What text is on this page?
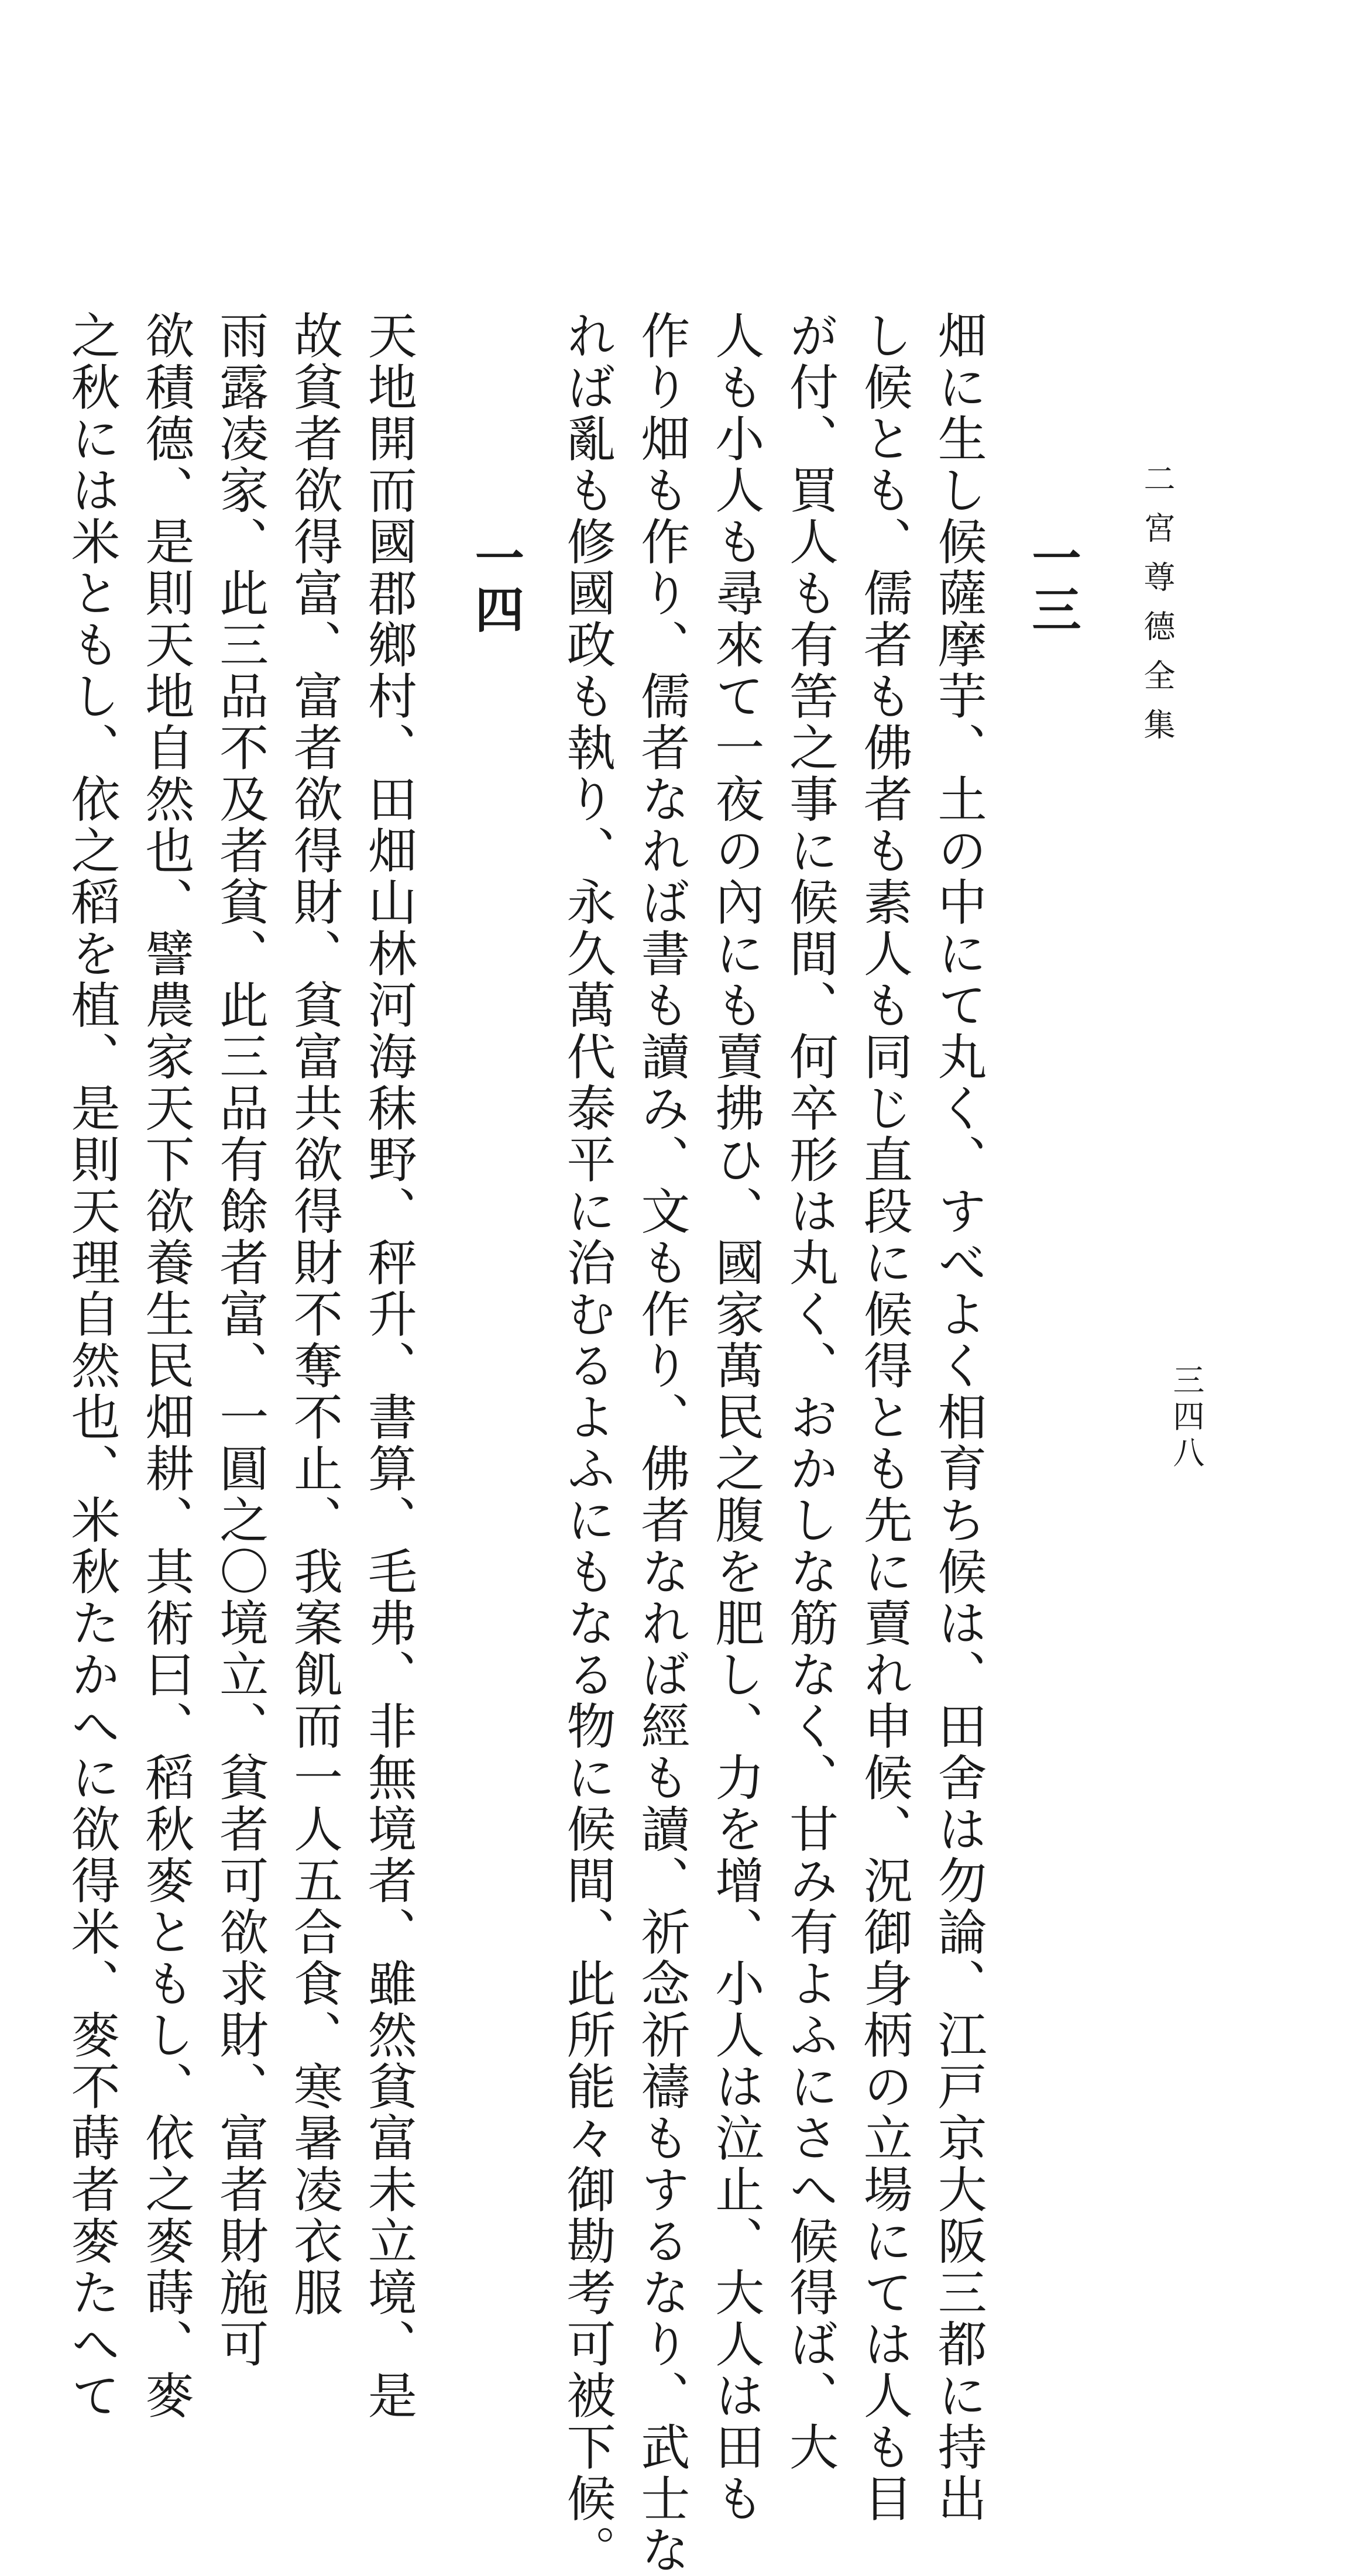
二宮尊德全集
三四八
一三
畑に生し候薩摩芋、土の中にて丸く、すべよく相育ち候は、田舍は勿論、江戸京大阪三都に持出
し候とも、儒者も佛者も素人も同じ直段に候得とも先に賣れ申候、況御身柄の立場にては人も目
が付、買人も有筈之事に候間、何卒形は丸く、おかしな筋なく、甘み有よふにさへ候得ば、大
人も小人も尋來て一夜の內にも賣拂ひ、國家萬民之腹を肥し、力を增、小人は泣止、大人は田も
作り畑も作り、儒者なれば書も讀み、文も作り、佛者なれば經も讀、祈念祈禱もするなり、武士な
れば亂も修國政も執り、永久萬代泰平に治むるよふにもなる物に候間、此所能々御勘考可被下候。
一四
天地開而國郡鄉村、田畑山林河海秣野、秤升、書算、毛弗、非無境者、雖然貧富未立境、是
故貧者欲得富、富者欲得財、貧富共欲得財不奪不止、我案飢而一人五合食、寒暑凌衣服
雨露凌家、此三品不及者貧、此三品有餘者富、一圓之〇境立、貧者可欲求財、富者財施可
欲積德、是則天地自然也、譬農家天下欲養生民畑耕、其術曰、稻秋麥ともし、依之麥蒔、麥
之秋には米ともし、依之稻を植、是則天理自然也、米秋たかへに欲得米、麥不蒔者麥たへて
